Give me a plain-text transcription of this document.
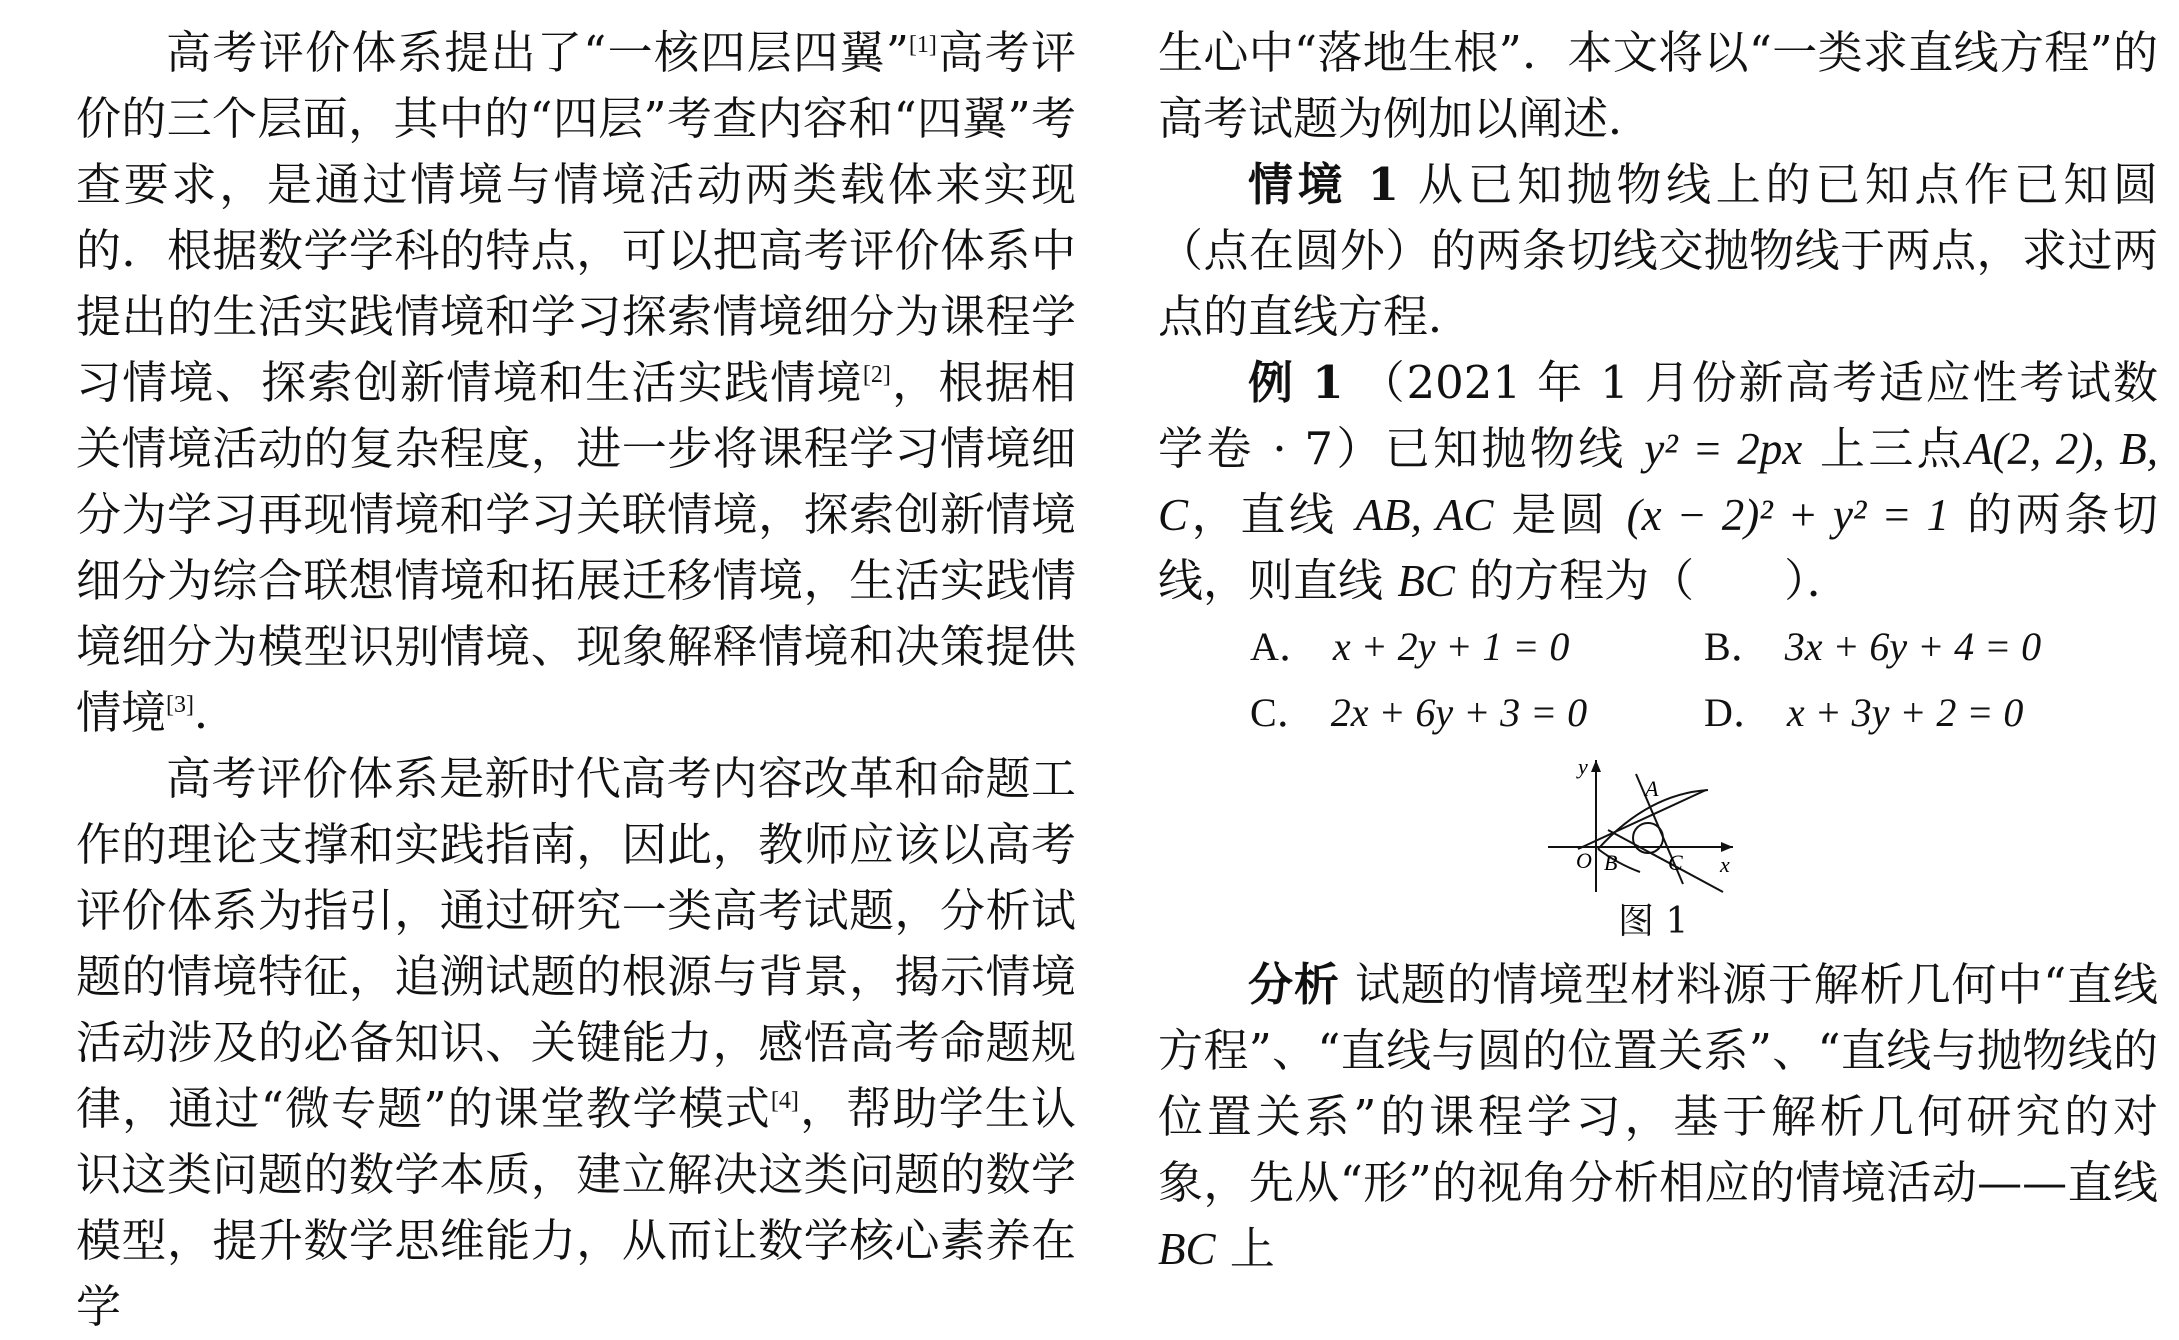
高考评价体系提出了“一核四层四翼”[1]高考评价的三个层面，其中的“四层”考查内容和“四翼”考查要求，是通过情境与情境活动两类载体来实现的．根据数学学科的特点，可以把高考评价体系中提出的生活实践情境和学习探索情境细分为课程学习情境、探索创新情境和生活实践情境[2]，根据相关情境活动的复杂程度，进一步将课程学习情境细分为学习再现情境和学习关联情境，探索创新情境细分为综合联想情境和拓展迁移情境，生活实践情境细分为模型识别情境、现象解释情境和决策提供情境[3]．

高考评价体系是新时代高考内容改革和命题工作的理论支撑和实践指南，因此，教师应该以高考评价体系为指引，通过研究一类高考试题，分析试题的情境特征，追溯试题的根源与背景，揭示情境活动涉及的必备知识、关键能力，感悟高考命题规律，通过“微专题”的课堂教学模式[4]，帮助学生认识这类问题的数学本质，建立解决这类问题的数学模型，提升数学思维能力，从而让数学核心素养在学

生心中“落地生根”．本文将以“一类求直线方程”的高考试题为例加以阐述．

情境 1 从已知抛物线上的已知点作已知圆（点在圆外）的两条切线交抛物线于两点，求过两点的直线方程．

例 1 （2021 年 1 月份新高考适应性考试数学卷 · 7）已知抛物线 y² = 2px 上三点A(2, 2), B, C，直线 AB, AC 是圆 (x − 2)² + y² = 1 的两条切线，则直线 BC 的方程为（　　）．

A． x + 2y + 1 = 0	B． 3x + 6y + 4 = 0
C． 2x + 6y + 3 = 0	D． x + 3y + 2 = 0
y
x
O
A
B C
图 1

分析 试题的情境型材料源于解析几何中“直线方程”、“直线与圆的位置关系”、“直线与抛物线的位置关系”的课程学习，基于解析几何研究的对象，先从“形”的视角分析相应的情境活动——直线 BC 上
